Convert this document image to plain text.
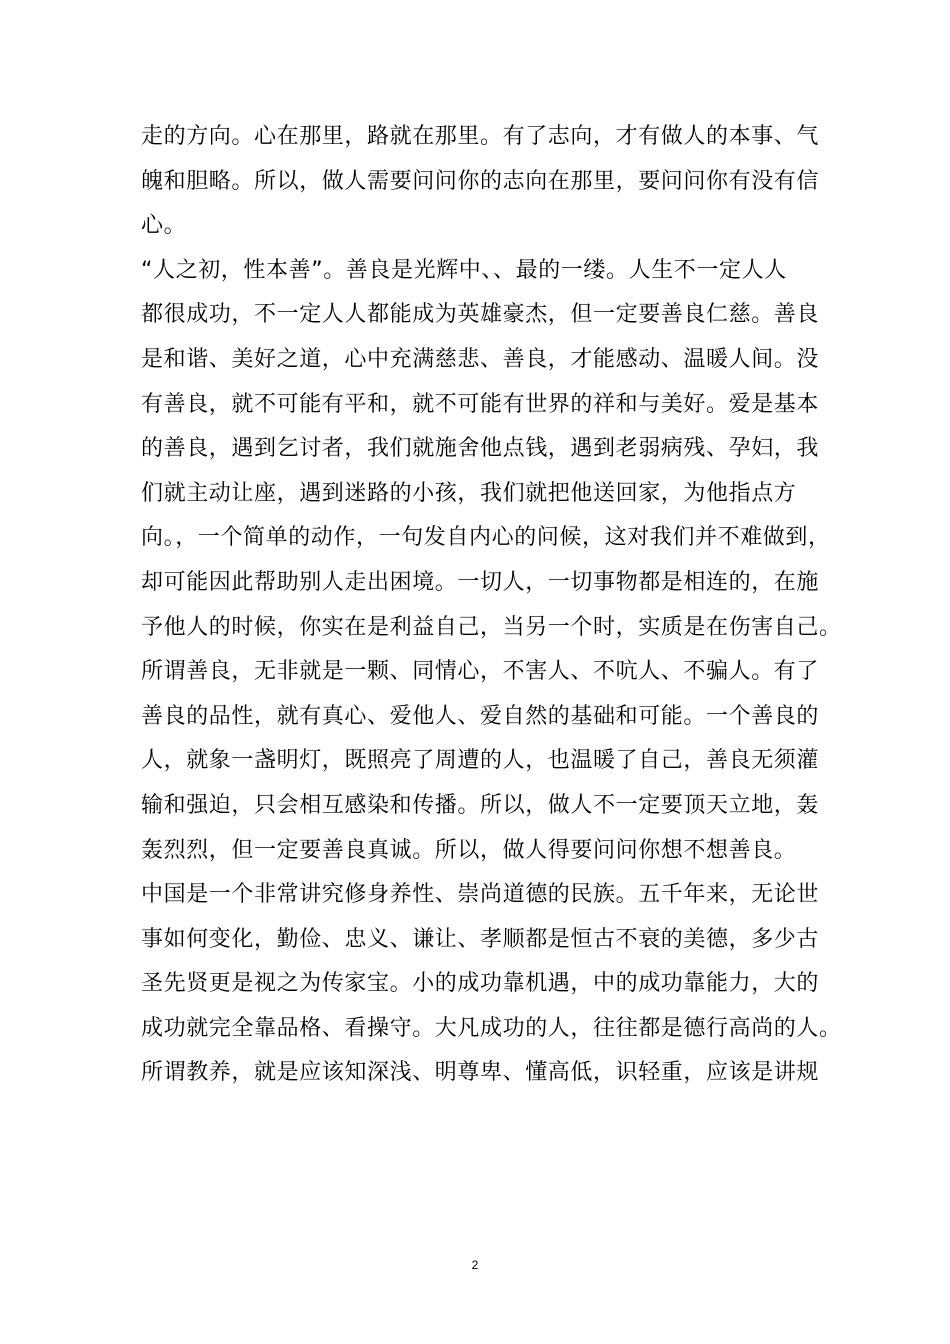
走的方向。心在那里，路就在那里。有了志向，才有做人的本事、气
魄和胆略。所以，做人需要问问你的志向在那里，要问问你有没有信
心。
“人之初，性本善”。善良是光辉中、、最的一缕。人生不一定人人
都很成功，不一定人人都能成为英雄豪杰，但一定要善良仁慈。善良
是和谐、美好之道，心中充满慈悲、善良，才能感动、温暖人间。没
有善良，就不可能有平和，就不可能有世界的祥和与美好。爱是基本
的善良，遇到乞讨者，我们就施舍他点钱，遇到老弱病残、孕妇，我
们就主动让座，遇到迷路的小孩，我们就把他送回家，为他指点方
向。，一个简单的动作，一句发自内心的问候，这对我们并不难做到，
却可能因此帮助别人走出困境。一切人，一切事物都是相连的，在施
予他人的时候，你实在是利益自己，当另一个时，实质是在伤害自己。
所谓善良，无非就是一颗、同情心，不害人、不吭人、不骗人。有了
善良的品性，就有真心、爱他人、爱自然的基础和可能。一个善良的
人，就象一盏明灯，既照亮了周遭的人，也温暖了自己，善良无须灌
输和强迫，只会相互感染和传播。所以，做人不一定要顶天立地，轰
轰烈烈，但一定要善良真诚。所以，做人得要问问你想不想善良。
中国是一个非常讲究修身养性、崇尚道德的民族。五千年来，无论世
事如何变化，勤俭、忠义、谦让、孝顺都是恒古不衰的美德，多少古
圣先贤更是视之为传家宝。小的成功靠机遇，中的成功靠能力，大的
成功就完全靠品格、看操守。大凡成功的人，往往都是德行高尚的人。
所谓教养，就是应该知深浅、明尊卑、懂高低，识轻重，应该是讲规
2
